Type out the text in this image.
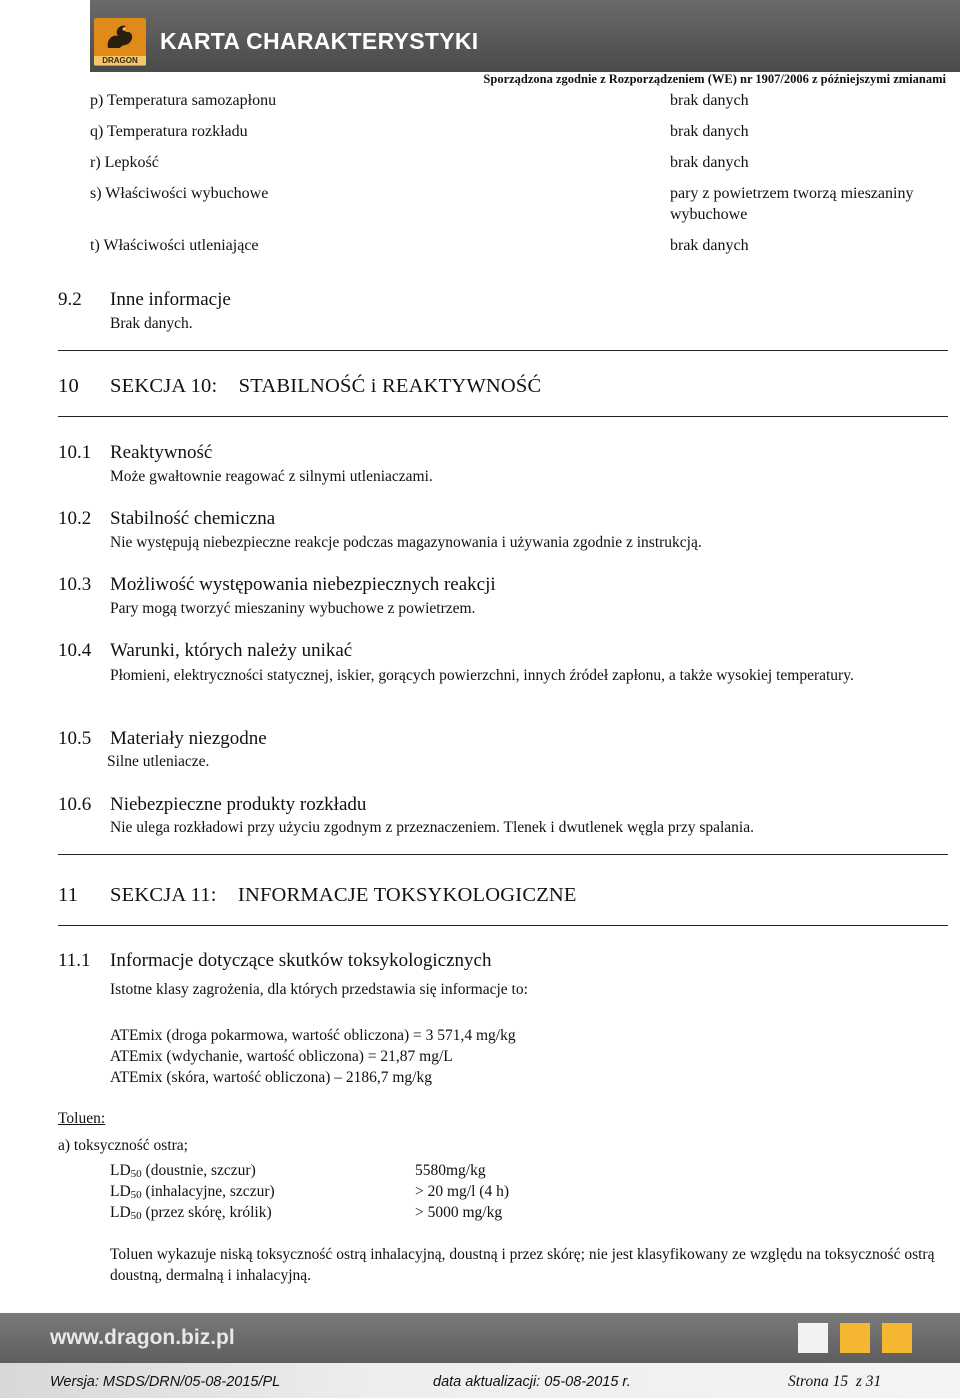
DRAGON
KARTA CHARAKTERYSTYKI
Sporządzona zgodnie z Rozporządzeniem (WE) nr 1907/2006 z późniejszymi zmianami
p) Temperatura samozapłonu	brak danych
q) Temperatura rozkładu	brak danych
r) Lepkość	brak danych
s) Właściwości wybuchowe	pary z powietrzem tworzą mieszaniny
wybuchowe
t) Właściwości utleniające	brak danych
9.2 Inne informacje
Brak danych.
10 SEKCJA 10:    STABILNOŚĆ i REAKTYWNOŚĆ
10.1 Reaktywność
Może gwałtownie reagować z silnymi utleniaczami.
10.2 Stabilność chemiczna
Nie występują niebezpieczne reakcje podczas magazynowania i używania zgodnie z instrukcją.
10.3 Możliwość występowania niebezpiecznych reakcji
Pary mogą tworzyć mieszaniny wybuchowe z powietrzem.
10.4 Warunki, których należy unikać
Płomieni, elektryczności statycznej, iskier, gorących powierzchni, innych źródeł zapłonu, a także wysokiej temperatury.
10.5 Materiały niezgodne
Silne utleniacze.
10.6 Niebezpieczne produkty rozkładu
Nie ulega rozkładowi przy użyciu zgodnym z przeznaczeniem. Tlenek i dwutlenek węgla przy spalania.
11 SEKCJA 11:    INFORMACJE TOKSYKOLOGICZNE
11.1 Informacje dotyczące skutków toksykologicznych
Istotne klasy zagrożenia, dla których przedstawia się informacje to:
ATEmix (droga pokarmowa, wartość obliczona) = 3 571,4 mg/kg
ATEmix (wdychanie, wartość obliczona) = 21,87 mg/L
ATEmix (skóra, wartość obliczona) – 2186,7 mg/kg
Toluen:
a) toksyczność ostra;
$LD_{50}$ (doustnie, szczur)	5580mg/kg
$LD_{50}$ (inhalacyjne, szczur)	> 20 mg/l (4 h)
$LD_{50}$ (przez skórę, królik)	> 5000 mg/kg
Toluen wykazuje niską toksyczność ostrą inhalacyjną, doustną i przez skórę; nie jest klasyfikowany ze względu na toksyczność ostrą doustną, dermalną i inhalacyjną.
www.dragon.biz.pl
Wersja: MSDS/DRN/05-08-2015/PL	data aktualizacji: 05-08-2015 r.	Strona 15  z 31
